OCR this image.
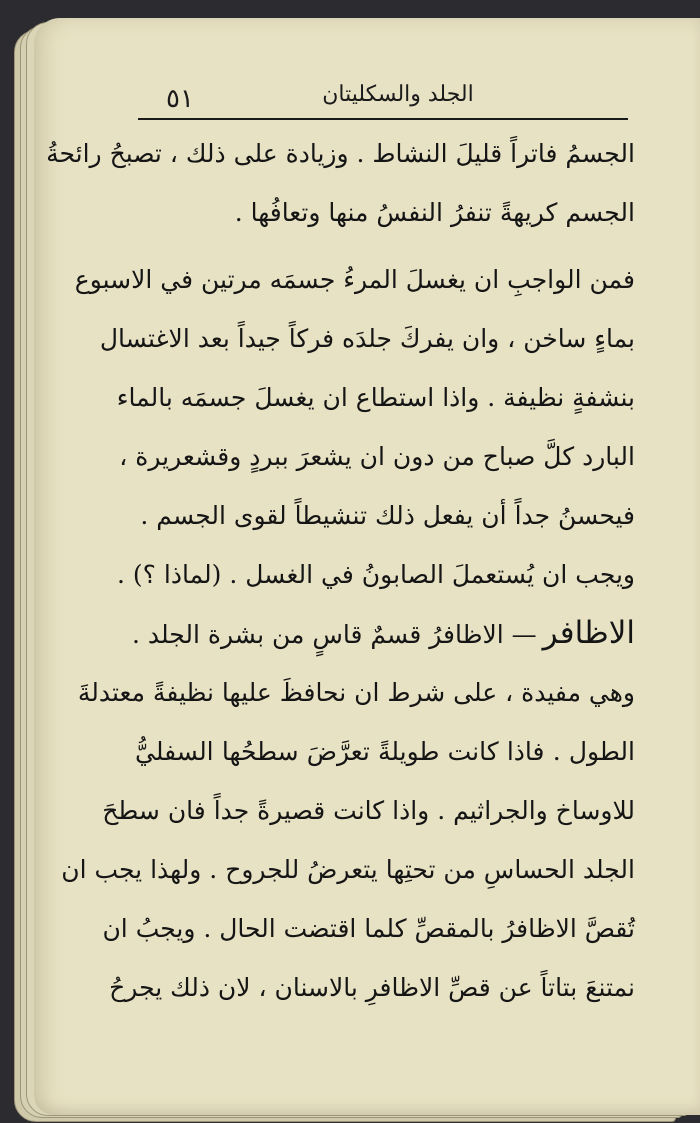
٥١	الجلد والسكليتان
الجسمُ فاتراً قليلَ النشاط . وزيادة على ذلك ، تصبحُ رائحةُ
الجسم كريهةً تنفرُ النفسُ منها وتعافُها .
فمن الواجبِ ان يغسلَ المرءُ جسمَه مرتين في الاسبوع
بماءٍ ساخن ، وان يفركَ جلدَه فركاً جيداً بعد الاغتسال
بنشفةٍ نظيفة . واذا استطاع ان يغسلَ جسمَه بالماء
البارد كلَّ صباح من دون ان يشعرَ ببردٍ وقشعريرة ،
فيحسنُ جداً أن يفعل ذلك تنشيطاً لقوى الجسم .
ويجب ان يُستعملَ الصابونُ في الغسل . (لماذا ؟) .
الاظافر— الاظافرُ قسمٌ قاسٍ من بشرة الجلد .
وهي مفيدة ، على شرط ان نحافظَ عليها نظيفةً معتدلةَ
الطول . فاذا كانت طويلةً تعرَّضَ سطحُها السفليُّ
للاوساخ والجراثيم . واذا كانت قصيرةً جداً فان سطحَ
الجلد الحساسِ من تحتِها يتعرضُ للجروح . ولهذا يجب ان
تُقصَّ الاظافرُ بالمقصِّ كلما اقتضت الحال . ويجبُ ان
نمتنعَ بتاتاً عن قصِّ الاظافرِ بالاسنان ، لان ذلك يجرحُ
